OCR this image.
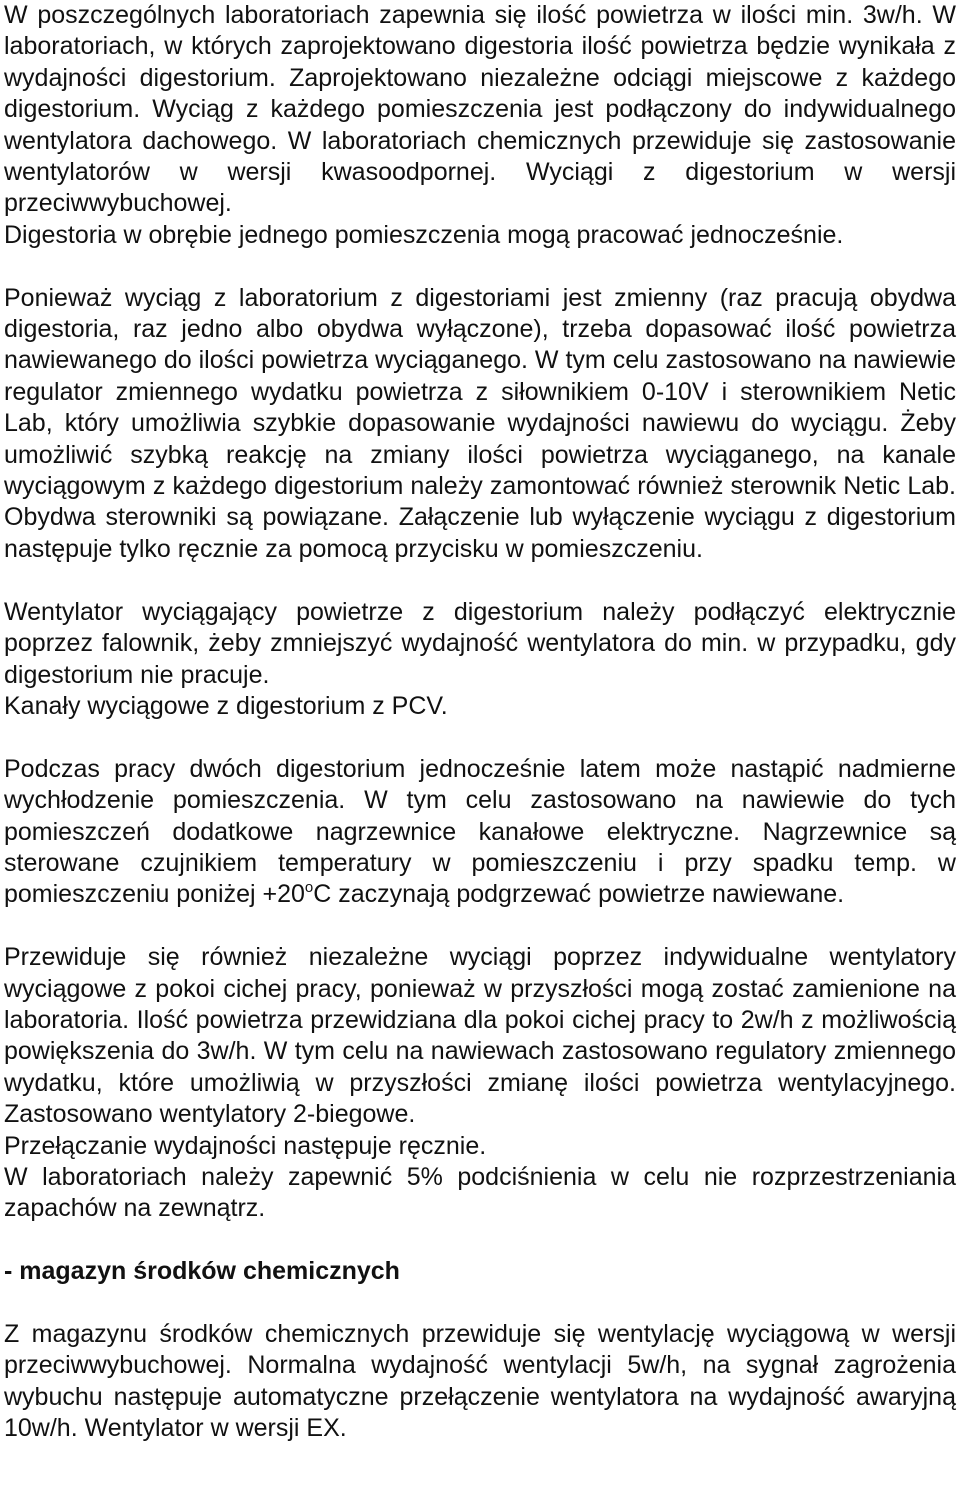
W poszczególnych laboratoriach zapewnia się ilość powietrza w ilości min. 3w/h. W laboratoriach, w których zaprojektowano digestoria ilość powietrza będzie wynikała z wydajności digestorium. Zaprojektowano niezależne odciągi miejscowe z każdego digestorium. Wyciąg z każdego pomieszczenia jest podłączony do indywidualnego wentylatora dachowego. W laboratoriach chemicznych przewiduje się zastosowanie wentylatorów w wersji kwasoodpornej. Wyciągi z digestorium w wersji przeciwwybuchowej.

Digestoria w obrębie jednego pomieszczenia mogą pracować jednocześnie.

Ponieważ wyciąg z laboratorium z digestoriami jest zmienny (raz pracują obydwa digestoria, raz jedno albo obydwa wyłączone), trzeba dopasować ilość powietrza nawiewanego do ilości powietrza wyciąganego. W tym celu zastosowano na nawiewie regulator zmiennego wydatku powietrza z siłownikiem 0-10V i sterownikiem Netic Lab, który umożliwia szybkie dopasowanie wydajności nawiewu do wyciągu. Żeby umożliwić szybką reakcję na zmiany ilości powietrza wyciąganego, na kanale wyciągowym z każdego digestorium należy zamontować również sterownik Netic Lab. Obydwa sterowniki są powiązane. Załączenie lub wyłączenie wyciągu z digestorium następuje tylko ręcznie za pomocą przycisku w pomieszczeniu.

Wentylator wyciągający powietrze z digestorium należy podłączyć elektrycznie poprzez falownik, żeby zmniejszyć wydajność wentylatora do min. w przypadku, gdy digestorium nie pracuje.

Kanały wyciągowe z digestorium z PCV.

Podczas pracy dwóch digestorium jednocześnie latem może nastąpić nadmierne wychłodzenie pomieszczenia. W tym celu zastosowano na nawiewie do tych pomieszczeń dodatkowe nagrzewnice kanałowe elektryczne. Nagrzewnice są sterowane czujnikiem temperatury w pomieszczeniu i przy spadku temp. w pomieszczeniu poniżej $+20^oC$ zaczynają podgrzewać powietrze nawiewane.

Przewiduje się również niezależne wyciągi poprzez indywidualne wentylatory wyciągowe z pokoi cichej pracy, ponieważ w przyszłości mogą zostać zamienione na laboratoria. Ilość powietrza przewidziana dla pokoi cichej pracy to 2w/h z możliwością powiększenia do 3w/h. W tym celu na nawiewach zastosowano regulatory zmiennego wydatku, które umożliwią w przyszłości zmianę ilości powietrza wentylacyjnego. Zastosowano wentylatory 2-biegowe.

Przełączanie wydajności następuje ręcznie.

W laboratoriach należy zapewnić 5% podciśnienia w celu nie rozprzestrzeniania zapachów na zewnątrz.

- magazyn środków chemicznych

Z magazynu środków chemicznych przewiduje się wentylację wyciągową w wersji przeciwwybuchowej. Normalna wydajność wentylacji 5w/h, na sygnał zagrożenia wybuchu następuje automatyczne przełączenie wentylatora na wydajność awaryjną 10w/h. Wentylator w wersji EX.
